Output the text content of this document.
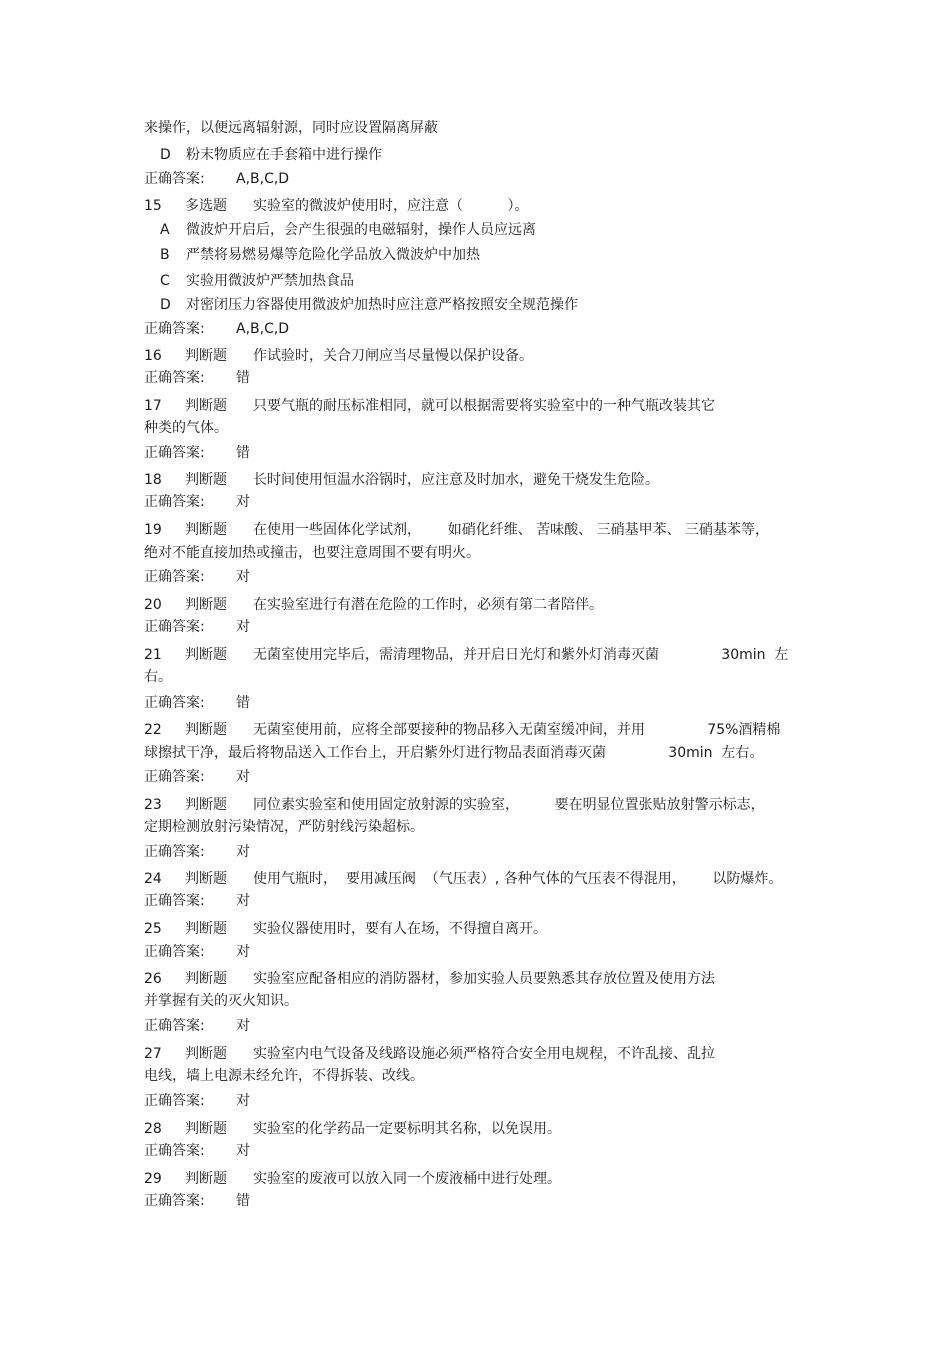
来操作，以便远离辐射源，同时应设置隔离屏蔽
D 粉末物质应在手套箱中进行操作
正确答案: A,B,C,D
15 多选题 实验室的微波炉使用时，应注意（          ）。
A 微波炉开启后，会产生很强的电磁辐射，操作人员应远离
B 严禁将易燃易爆等危险化学品放入微波炉中加热
C 实验用微波炉严禁加热食品
D 对密闭压力容器使用微波炉加热时应注意严格按照安全规范操作
正确答案: A,B,C,D
16 判断题 作试验时，关合刀闸应当尽量慢以保护设备。
正确答案: 错
17 判断题 只要气瓶的耐压标准相同，就可以根据需要将实验室中的一种气瓶改装其它
种类的气体。
正确答案: 错
18 判断题 长时间使用恒温水浴锅时，应注意及时加水，避免干烧发生危险。
正确答案: 对
19 判断题 在使用一些固体化学试剂，      如硝化纤维、 苦味酸、 三硝基甲苯、 三硝基苯等，
绝对不能直接加热或撞击，也要注意周围不要有明火。
正确答案: 对
20 判断题 在实验室进行有潜在危险的工作时，必须有第二者陪伴。
正确答案: 对
21 判断题 无菌室使用完毕后，需清理物品，并开启日光灯和紫外灯消毒灭菌              30min  左
右。
正确答案: 错
22 判断题 无菌室使用前，应将全部要接种的物品移入无菌室缓冲间，并用              75%酒精棉
球擦拭干净，最后将物品送入工作台上，开启紫外灯进行物品表面消毒灭菌              30min  左右。
正确答案: 对
23 判断题 同位素实验室和使用固定放射源的实验室，        要在明显位置张贴放射警示标志，
定期检测放射污染情况，严防射线污染超标。
正确答案: 对
24 判断题 使用气瓶时，  要用减压阀  （气压表）, 各种气体的气压表不得混用，      以防爆炸。
正确答案: 对
25 判断题 实验仪器使用时，要有人在场，不得擅自离开。
正确答案: 对
26 判断题 实验室应配备相应的消防器材，参加实验人员要熟悉其存放位置及使用方法
并掌握有关的灭火知识。
正确答案: 对
27 判断题 实验室内电气设备及线路设施必须严格符合安全用电规程，不许乱接、乱拉
电线，墙上电源未经允许，不得拆装、改线。
正确答案: 对
28 判断题 实验室的化学药品一定要标明其名称，以免误用。
正确答案: 对
29 判断题 实验室的废液可以放入同一个废液桶中进行处理。
正确答案: 错
